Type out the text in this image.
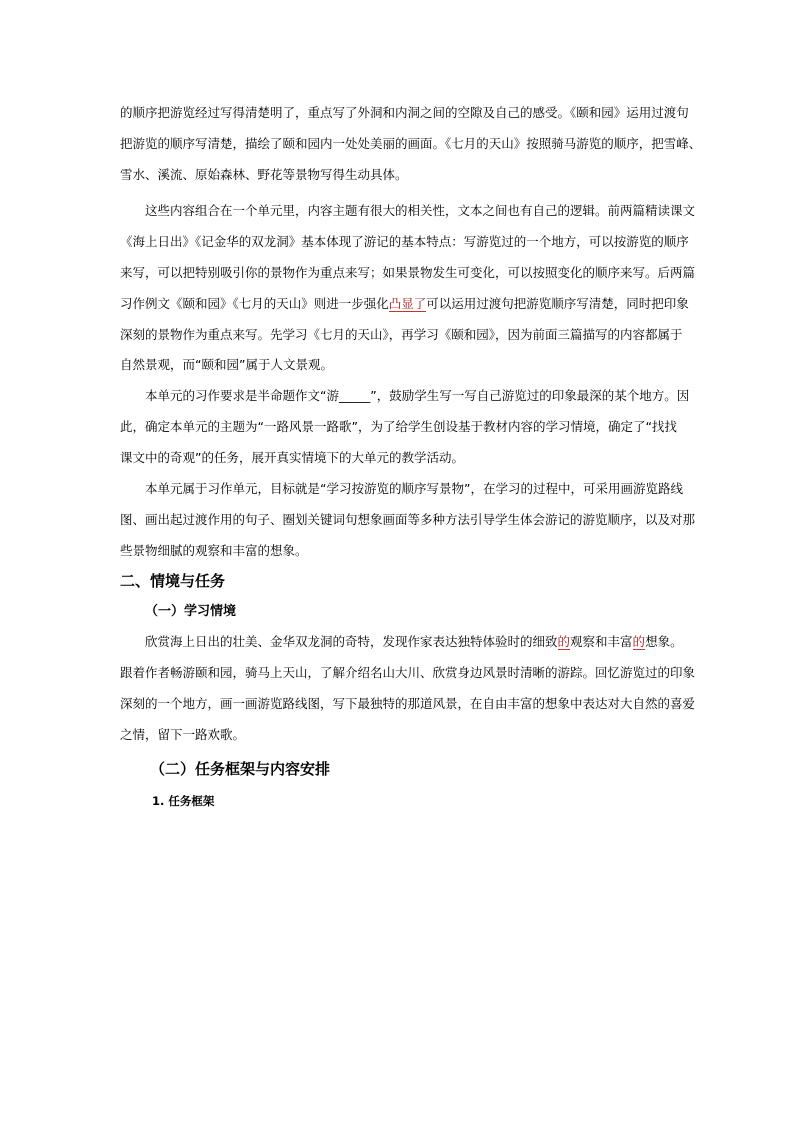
的顺序把游览经过写得清楚明了，重点写了外洞和内洞之间的空隙及自己的感受。《颐和园》运用过渡句
把游览的顺序写清楚，描绘了颐和园内一处处美丽的画面。《七月的天山》按照骑马游览的顺序，把雪峰、
雪水、溪流、原始森林、野花等景物写得生动具体。
这些内容组合在一个单元里，内容主题有很大的相关性，文本之间也有自己的逻辑。前两篇精读课文
《海上日出》《记金华的双龙洞》基本体现了游记的基本特点：写游览过的一个地方，可以按游览的顺序
来写，可以把特别吸引你的景物作为重点来写；如果景物发生可变化，可以按照变化的顺序来写。后两篇
习作例文《颐和园》《七月的天山》则进一步强化凸显了可以运用过渡句把游览顺序写清楚，同时把印象
深刻的景物作为重点来写。先学习《七月的天山》，再学习《颐和园》，因为前面三篇描写的内容都属于
自然景观，而“颐和园”属于人文景观。
本单元的习作要求是半命题作文“游_____”，鼓励学生写一写自己游览过的印象最深的某个地方。因
此，确定本单元的主题为“一路风景一路歌”，为了给学生创设基于教材内容的学习情境，确定了“找找
课文中的奇观”的任务，展开真实情境下的大单元的教学活动。
本单元属于习作单元，目标就是“学习按游览的顺序写景物”，在学习的过程中，可采用画游览路线
图、画出起过渡作用的句子、圈划关键词句想象画面等多种方法引导学生体会游记的游览顺序，以及对那
些景物细腻的观察和丰富的想象。
二、情境与任务
（一）学习情境
欣赏海上日出的壮美、金华双龙洞的奇特，发现作家表达独特体验时的细致的观察和丰富的想象。
跟着作者畅游颐和园，骑马上天山，了解介绍名山大川、欣赏身边风景时清晰的游踪。回忆游览过的印象
深刻的一个地方，画一画游览路线图，写下最独特的那道风景，在自由丰富的想象中表达对大自然的喜爱
之情，留下一路欢歌。
（二）任务框架与内容安排
1. 任务框架
